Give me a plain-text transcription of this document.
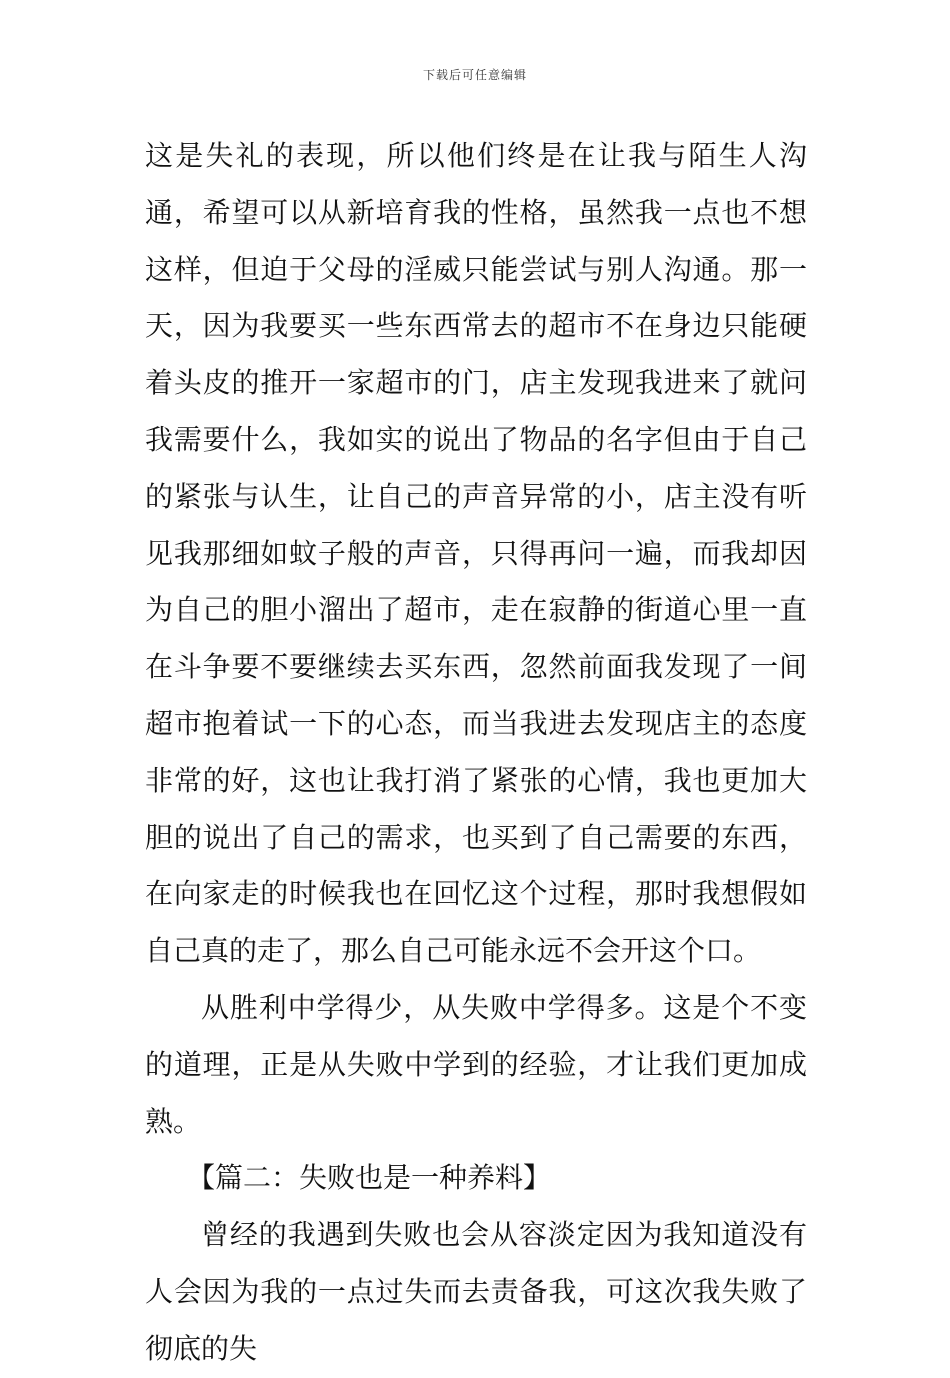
下载后可任意编辑

这是失礼的表现，所以他们终是在让我与陌生人沟通，希望可以从新培育我的性格，虽然我一点也不想这样，但迫于父母的淫威只能尝试与别人沟通。那一天，因为我要买一些东西常去的超市不在身边只能硬着头皮的推开一家超市的门，店主发现我进来了就问我需要什么，我如实的说出了物品的名字但由于自己的紧张与认生，让自己的声音异常的小，店主没有听见我那细如蚊子般的声音，只得再问一遍，而我却因为自己的胆小溜出了超市，走在寂静的街道心里一直在斗争要不要继续去买东西，忽然前面我发现了一间超市抱着试一下的心态，而当我进去发现店主的态度非常的好，这也让我打消了紧张的心情，我也更加大胆的说出了自己的需求，也买到了自己需要的东西，在向家走的时候我也在回忆这个过程，那时我想假如自己真的走了，那么自己可能永远不会开这个口。

从胜利中学得少，从失败中学得多。这是个不变的道理，正是从失败中学到的经验，才让我们更加成熟。

【篇二：失败也是一种养料】

曾经的我遇到失败也会从容淡定因为我知道没有人会因为我的一点过失而去责备我，可这次我失败了彻底的失
